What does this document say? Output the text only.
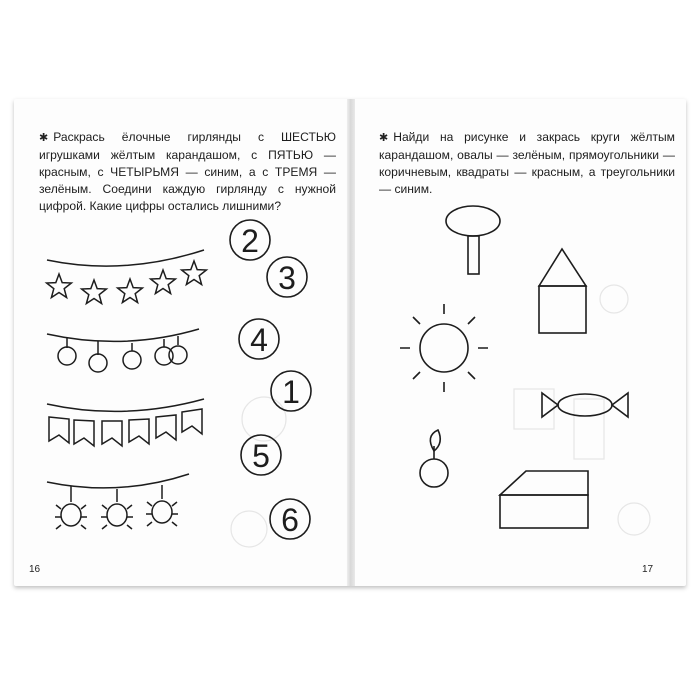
✱ Раскрась ёлочные гирлянды с ШЕСТЬЮ игрушками жёлтым карандашом, с ПЯТЬЮ — красным, с ЧЕТЫРЬМЯ — синим, а с ТРЕМЯ — зелёным. Соедини каждую гирлянду с нужной цифрой. Какие цифры остались лишними?

16

✱ Найди на рисунке и закрась круги жёлтым карандашом, овалы — зелёным, прямоугольники — коричневым, квадраты — красным, а треугольники — синим.

17
2
3
4
1
5
6
